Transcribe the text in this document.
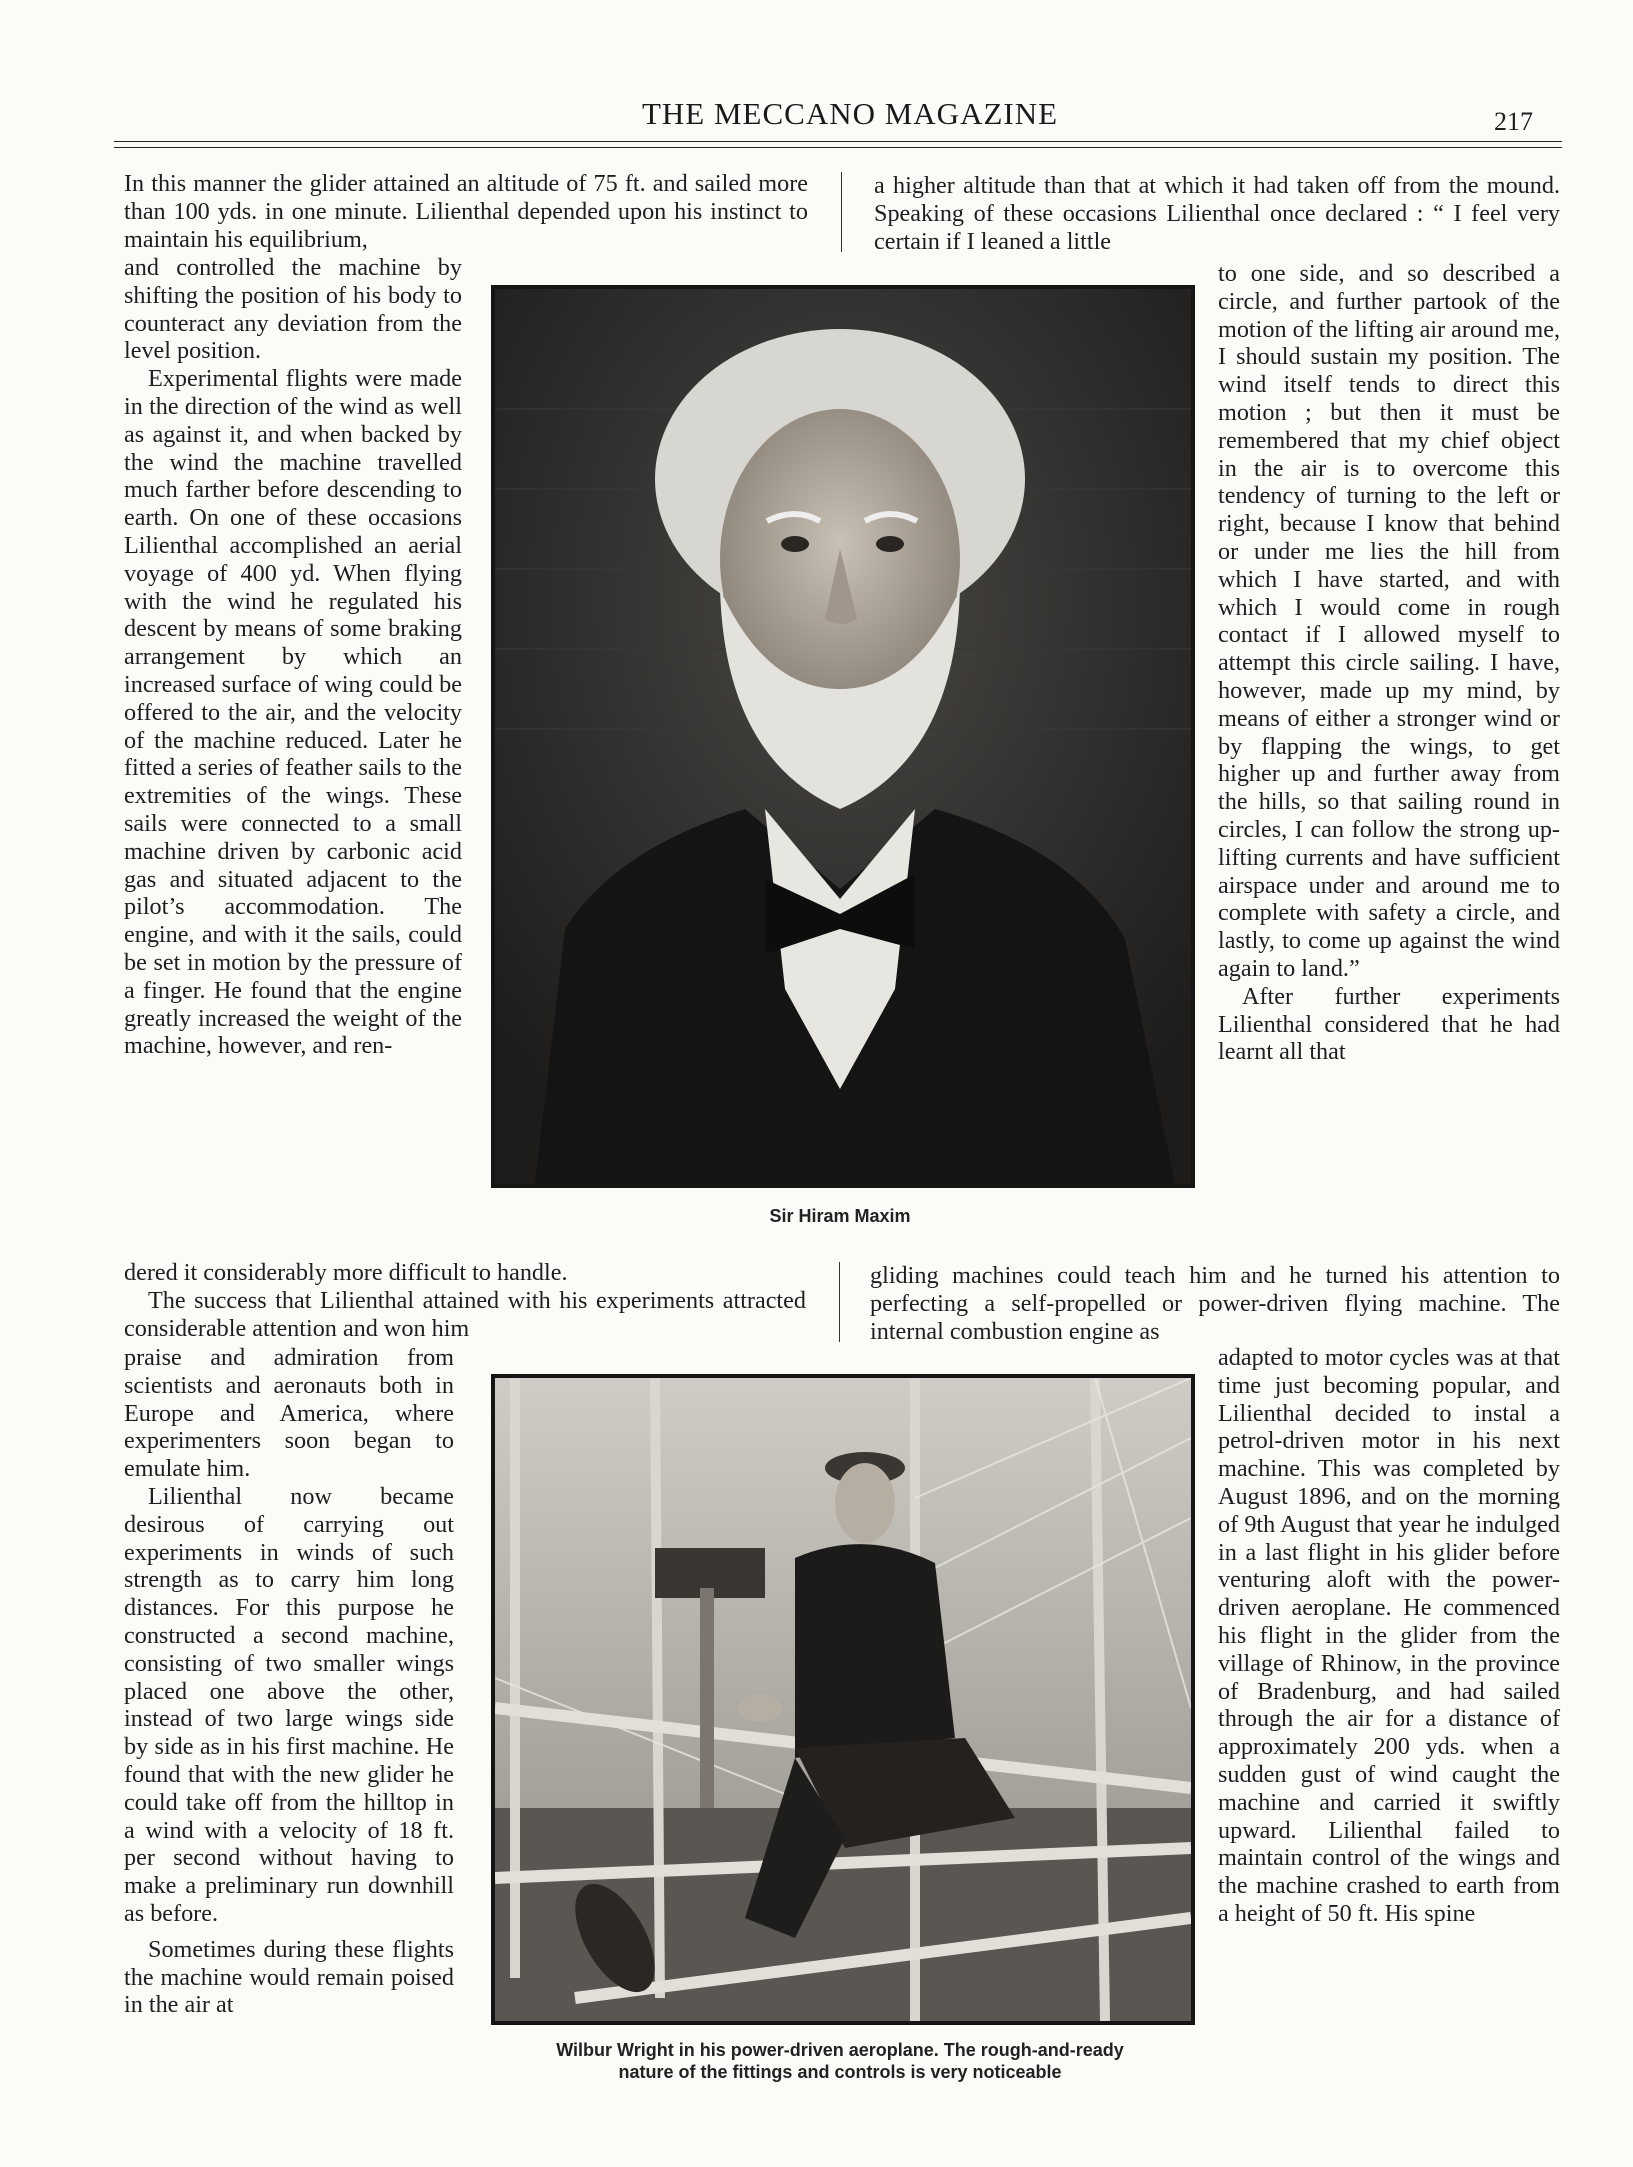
THE MECCANO MAGAZINE	217

In this manner the glider attained an altitude of 75 ft. and sailed more than 100 yds. in one minute. Lilienthal depended upon his instinct to maintain his equilibrium,

a higher altitude than that at which it had taken off from the mound. Speaking of these occasions Lilienthal once declared : “ I feel very certain if I leaned a little

Sir Hiram Maxim

and controlled the machine by shifting the position of his body to counteract any deviation from the level position.

Experimental flights were made in the direction of the wind as well as against it, and when backed by the wind the machine travelled much farther before descending to earth. On one of these occasions Lilienthal accomplished an aerial voyage of 400 yd. When flying with the wind he regulated his descent by means of some braking arrangement by which an increased surface of wing could be offered to the air, and the velocity of the machine reduced. Later he fitted a series of feather sails to the extremities of the wings. These sails were connected to a small machine driven by carbonic acid gas and situated adjacent to the pilot’s accommodation. The engine, and with it the sails, could be set in motion by the pressure of a finger. He found that the engine greatly increased the weight of the machine, however, and ren-

to one side, and so described a circle, and further partook of the motion of the lifting air around me, I should sustain my position. The wind itself tends to direct this motion ; but then it must be remembered that my chief object in the air is to overcome this tendency of turning to the left or right, because I know that behind or under me lies the hill from which I have started, and with which I would come in rough contact if I allowed myself to attempt this circle sailing. I have, however, made up my mind, by means of either a stronger wind or by flapping the wings, to get higher up and further away from the hills, so that sailing round in circles, I can follow the strong up-lifting currents and have sufficient airspace under and around me to complete with safety a circle, and lastly, to come up against the wind again to land.”

After further experiments Lilienthal considered that he had learnt all that

dered it considerably more difficult to handle.

The success that Lilienthal attained with his experiments attracted considerable attention and won him

gliding machines could teach him and he turned his attention to perfecting a self-propelled or power-driven flying machine. The internal combustion engine as

Wilbur Wright in his power-driven aeroplane. The rough-and-ready
nature of the fittings and controls is very noticeable

praise and admiration from scientists and aeronauts both in Europe and America, where experimenters soon began to emulate him.

Lilienthal now became desirous of carrying out experiments in winds of such strength as to carry him long distances. For this purpose he constructed a second machine, consisting of two smaller wings placed one above the other, instead of two large wings side by side as in his first machine. He found that with the new glider he could take off from the hilltop in a wind with a velocity of 18 ft. per second without having to make a preliminary run downhill as before.

Sometimes during these flights the machine would remain poised in the air at

adapted to motor cycles was at that time just becoming popular, and Lilienthal decided to instal a petrol-driven motor in his next machine. This was completed by August 1896, and on the morning of 9th August that year he indulged in a last flight in his glider before venturing aloft with the power-driven aeroplane. He commenced his flight in the glider from the village of Rhinow, in the province of Bradenburg, and had sailed through the air for a distance of approximately 200 yds. when a sudden gust of wind caught the machine and carried it swiftly upward. Lilienthal failed to maintain control of the wings and the machine crashed to earth from a height of 50 ft. His spine
